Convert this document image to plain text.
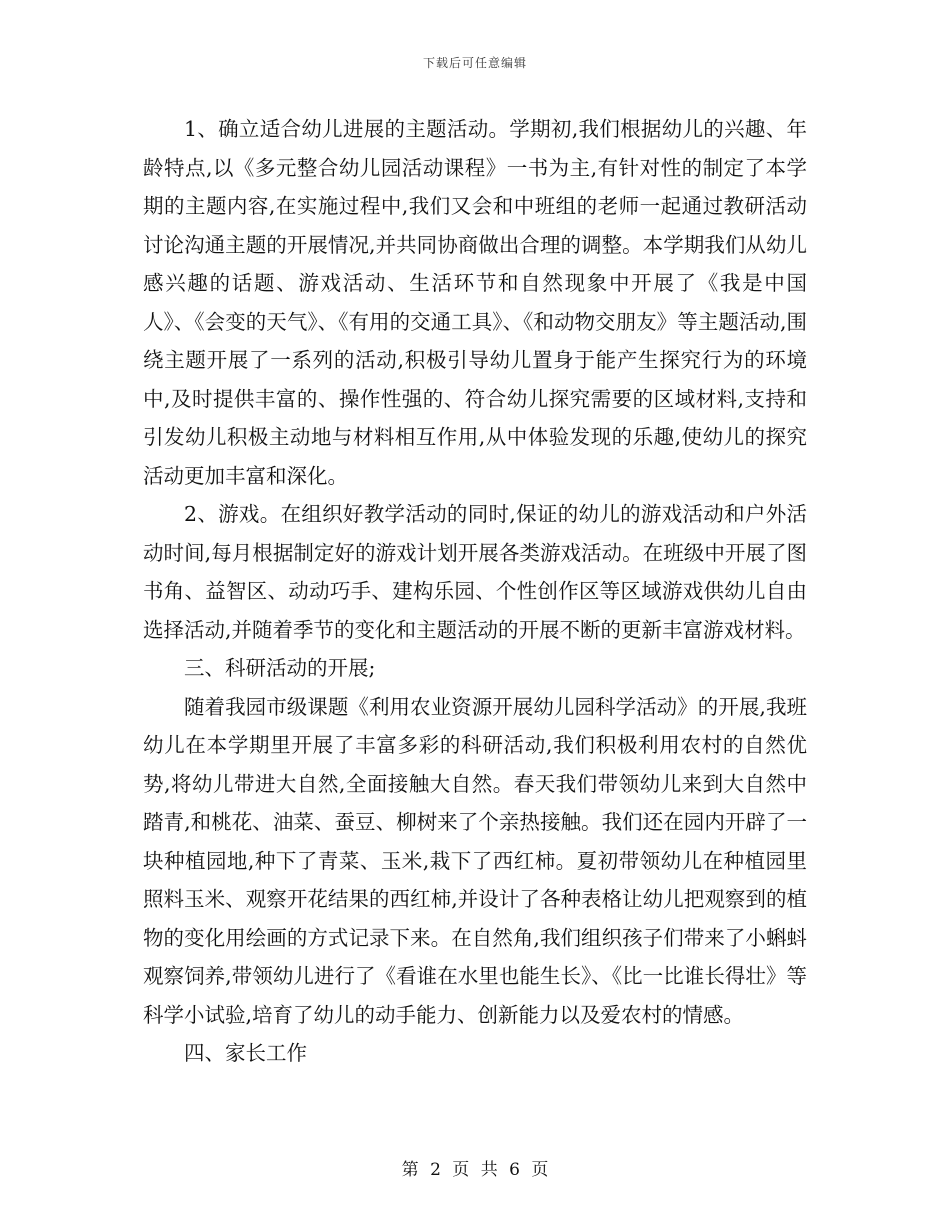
下载后可任意编辑

1、确立适合幼儿进展的主题活动。学期初,我们根据幼儿的兴趣、年龄特点,以《多元整合幼儿园活动课程》一书为主,有针对性的制定了本学期的主题内容,在实施过程中,我们又会和中班组的老师一起通过教研活动讨论沟通主题的开展情况,并共同协商做出合理的调整。本学期我们从幼儿感兴趣的话题、游戏活动、生活环节和自然现象中开展了《我是中国人》、《会变的天气》、《有用的交通工具》、《和动物交朋友》等主题活动,围绕主题开展了一系列的活动,积极引导幼儿置身于能产生探究行为的环境中,及时提供丰富的、操作性强的、符合幼儿探究需要的区域材料,支持和引发幼儿积极主动地与材料相互作用,从中体验发现的乐趣,使幼儿的探究活动更加丰富和深化。

2、游戏。在组织好教学活动的同时,保证的幼儿的游戏活动和户外活动时间,每月根据制定好的游戏计划开展各类游戏活动。在班级中开展了图书角、益智区、动动巧手、建构乐园、个性创作区等区域游戏供幼儿自由选择活动,并随着季节的变化和主题活动的开展不断的更新丰富游戏材料。

三、科研活动的开展;

随着我园市级课题《利用农业资源开展幼儿园科学活动》的开展,我班幼儿在本学期里开展了丰富多彩的科研活动,我们积极利用农村的自然优势,将幼儿带进大自然,全面接触大自然。春天我们带领幼儿来到大自然中踏青,和桃花、油菜、蚕豆、柳树来了个亲热接触。我们还在园内开辟了一块种植园地,种下了青菜、玉米,栽下了西红柿。夏初带领幼儿在种植园里照料玉米、观察开花结果的西红柿,并设计了各种表格让幼儿把观察到的植物的变化用绘画的方式记录下来。在自然角,我们组织孩子们带来了小蝌蚪观察饲养,带领幼儿进行了《看谁在水里也能生长》、《比一比谁长得壮》等科学小试验,培育了幼儿的动手能力、创新能力以及爱农村的情感。

四、家长工作

第 2 页 共 6 页
